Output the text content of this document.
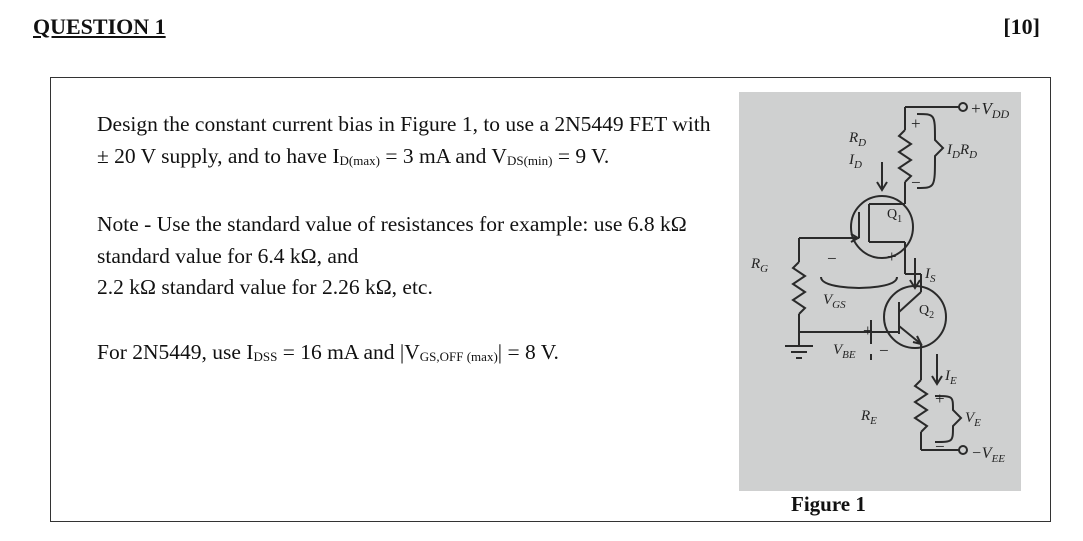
QUESTION 1	[10]

Design the constant current bias in Figure 1, to use a 2N5449 FET with ± 20 V supply, and to have $I_{D(max)} = 3$ mA and $V_{DS(min)} = 9$ V.

Note - Use the standard value of resistances for example: use 6.8 kΩ standard value for 6.4 kΩ, and
2.2 kΩ standard value for 2.26 kΩ, etc.

For 2N5449, use $I_{DSS} = 16$ mA and $|V_{GS,OFF (max)}| = 8$ V.

$+V_{DD}$
$R_D$
$I_D$
$I_DR_D$
+
−
$Q_1$
$R_G$
−	+
$V_{GS}$
$I_S$
$Q_2$
+
$V_{BE}$ −
$I_E$
+
−
$R_E$	$V_E$
$-V_{EE}$
Figure 1
